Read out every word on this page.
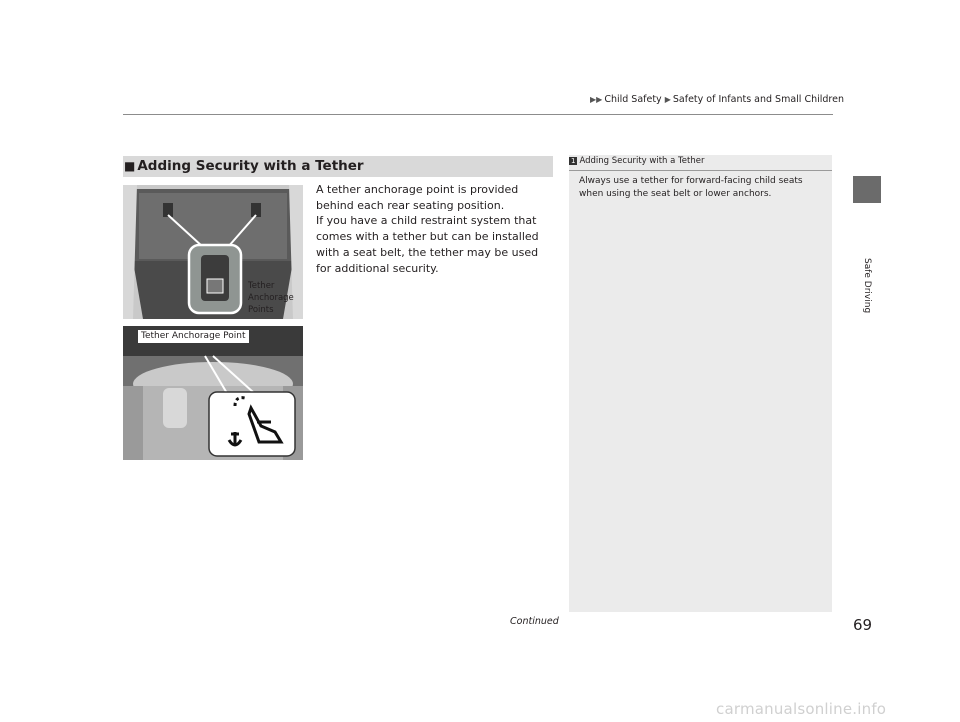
▶▶ Child Safety ▶ Safety of Infants and Small Children
Safe Driving
■ Adding Security with a Tether

A tether anchorage point is provided behind each rear seating position.

If you have a child restraint system that comes with a tether but can be installed with a seat belt, the tether may be used for additional security.

Tether
Anchorage
Points
Tether Anchorage Point
1 Adding Security with a Tether
Always use a tether for forward-facing child seats when using the seat belt or lower anchors.
Continued	69
carmanualsonline.info
